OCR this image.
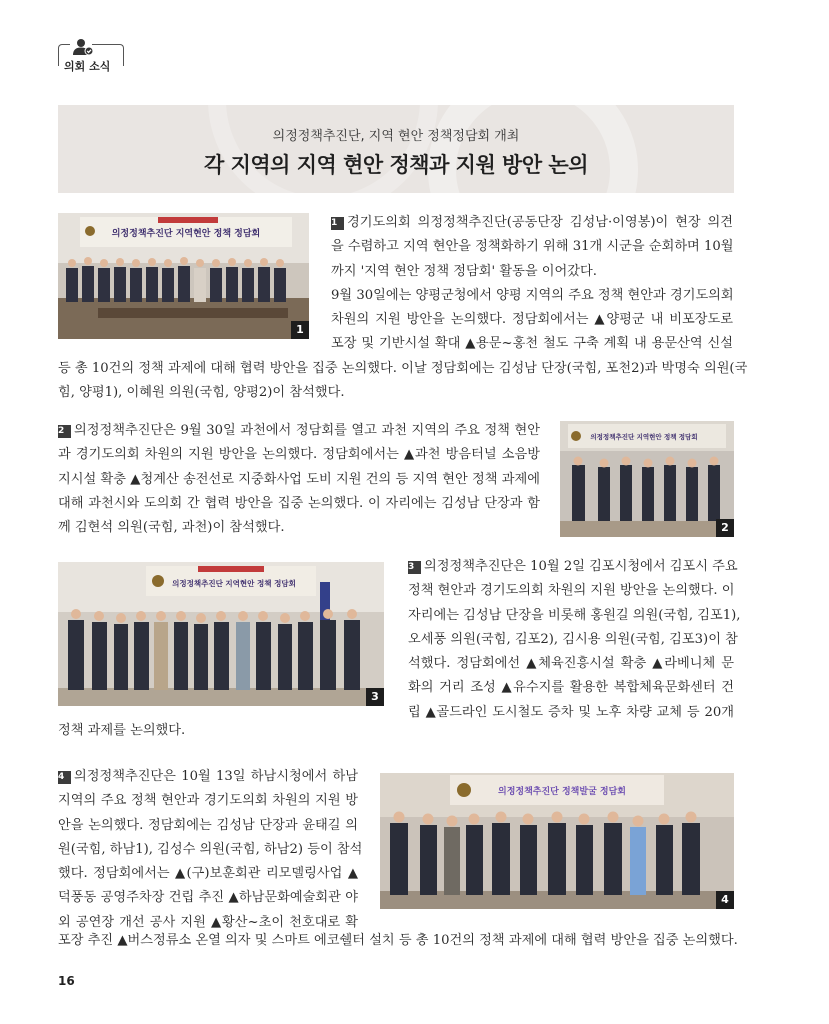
의회 소식
의정정책추진단, 지역 현안 정책정담회 개최
각 지역의 지역 현안 정책과 지원 방안 논의
의정정책추진단 지역현안 정책 정담회
1
1 경기도의회 의정정책추진단(공동단장 김성남·이영봉)이 현장 의견
을 수렴하고 지역 현안을 정책화하기 위해 31개 시군을 순회하며 10월
까지 '지역 현안 정책 정담회' 활동을 이어갔다.
9월 30일에는 양평군청에서 양평 지역의 주요 정책 현안과 경기도의회
차원의 지원 방안을 논의했다. 정담회에서는 ▲양평군 내 비포장도로
포장 및 기반시설 확대 ▲용문~홍천 철도 구축 계획 내 용문산역 신설
등 총 10건의 정책 과제에 대해 협력 방안을 집중 논의했다. 이날 정담회에는 김성남 단장(국힘, 포천2)과 박명숙 의원(국
힘, 양평1), 이혜원 의원(국힘, 양평2)이 참석했다.
2 의정정책추진단은 9월 30일 과천에서 정담회를 열고 과천 지역의 주요 정책 현안
과 경기도의회 차원의 지원 방안을 논의했다. 정담회에서는 ▲과천 방음터널 소음방
지시설 확충 ▲청계산 송전선로 지중화사업 도비 지원 건의 등 지역 현안 정책 과제에
대해 과천시와 도의회 간 협력 방안을 집중 논의했다. 이 자리에는 김성남 단장과 함
께 김현석 의원(국힘, 과천)이 참석했다.
의정정책추진단 지역현안 정책 정담회
2
의정정책추진단 지역현안 정책 정담회
3
3 의정정책추진단은 10월 2일 김포시청에서 김포시 주요
정책 현안과 경기도의회 차원의 지원 방안을 논의했다. 이
자리에는 김성남 단장을 비롯해 홍원길 의원(국힘, 김포1),
오세풍 의원(국힘, 김포2), 김시용 의원(국힘, 김포3)이 참
석했다. 정담회에선 ▲체육진흥시설 확충 ▲라베니체 문
화의 거리 조성 ▲유수지를 활용한 복합체육문화센터 건
립 ▲골드라인 도시철도 증차 및 노후 차량 교체 등 20개
정책 과제를 논의했다.
4 의정정책추진단은 10월 13일 하남시청에서 하남
지역의 주요 정책 현안과 경기도의회 차원의 지원 방
안을 논의했다. 정담회에는 김성남 단장과 윤태길 의
원(국힘, 하남1), 김성수 의원(국힘, 하남2) 등이 참석
했다. 정담회에서는 ▲(구)보훈회관 리모델링사업 ▲
덕풍동 공영주차장 건립 추진 ▲하남문화예술회관 야
외 공연장 개선 공사 지원 ▲황산~초이 천호대로 확
포장 추진 ▲버스정류소 온열 의자 및 스마트 에코쉘터 설치 등 총 10건의 정책 과제에 대해 협력 방안을 집중 논의했다.
의정정책추진단 정책발굴 정담회
4
16
